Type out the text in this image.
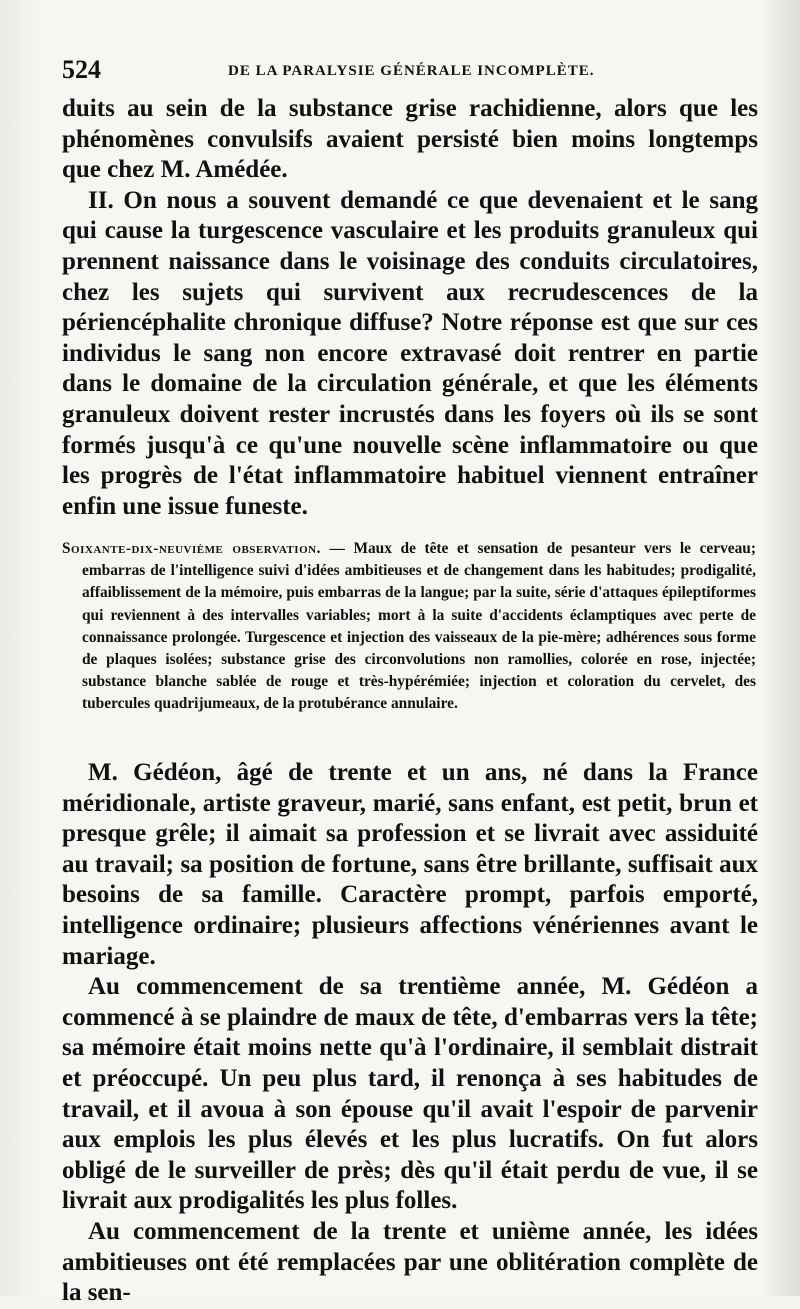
524	DE LA PARALYSIE GÉNÉRALE INCOMPLÈTE.

duits au sein de la substance grise rachidienne, alors que les phénomènes convulsifs avaient persisté bien moins longtemps que chez M. Amédée.

II. On nous a souvent demandé ce que devenaient et le sang qui cause la turgescence vasculaire et les produits granuleux qui prennent naissance dans le voisinage des conduits circulatoires, chez les sujets qui survivent aux recrudescences de la périencéphalite chronique diffuse? Notre réponse est que sur ces individus le sang non encore extravasé doit rentrer en partie dans le domaine de la circulation générale, et que les éléments granuleux doivent rester incrustés dans les foyers où ils se sont formés jusqu'à ce qu'une nouvelle scène inflammatoire ou que les progrès de l'état inflammatoire habituel viennent entraîner enfin une issue funeste.

Soixante-dix-neuvième observation. — Maux de tête et sensation de pesanteur vers le cerveau; embarras de l'intelligence suivi d'idées ambitieuses et de changement dans les habitudes; prodigalité, affaiblissement de la mémoire, puis embarras de la langue; par la suite, série d'attaques épileptiformes qui reviennent à des intervalles variables; mort à la suite d'accidents éclamptiques avec perte de connaissance prolongée. Turgescence et injection des vaisseaux de la pie-mère; adhérences sous forme de plaques isolées; substance grise des circonvolutions non ramollies, colorée en rose, injectée; substance blanche sablée de rouge et très-hypérémiée; injection et coloration du cervelet, des tubercules quadrijumeaux, de la protubérance annulaire.

M. Gédéon, âgé de trente et un ans, né dans la France méridionale, artiste graveur, marié, sans enfant, est petit, brun et presque grêle; il aimait sa profession et se livrait avec assiduité au travail; sa position de fortune, sans être brillante, suffisait aux besoins de sa famille. Caractère prompt, parfois emporté, intelligence ordinaire; plusieurs affections vénériennes avant le mariage.

Au commencement de sa trentième année, M. Gédéon a commencé à se plaindre de maux de tête, d'embarras vers la tête; sa mémoire était moins nette qu'à l'ordinaire, il semblait distrait et préoccupé. Un peu plus tard, il renonça à ses habitudes de travail, et il avoua à son épouse qu'il avait l'espoir de parvenir aux emplois les plus élevés et les plus lucratifs. On fut alors obligé de le surveiller de près; dès qu'il était perdu de vue, il se livrait aux prodigalités les plus folles.

Au commencement de la trente et unième année, les idées ambitieuses ont été remplacées par une oblitération complète de la sen-
